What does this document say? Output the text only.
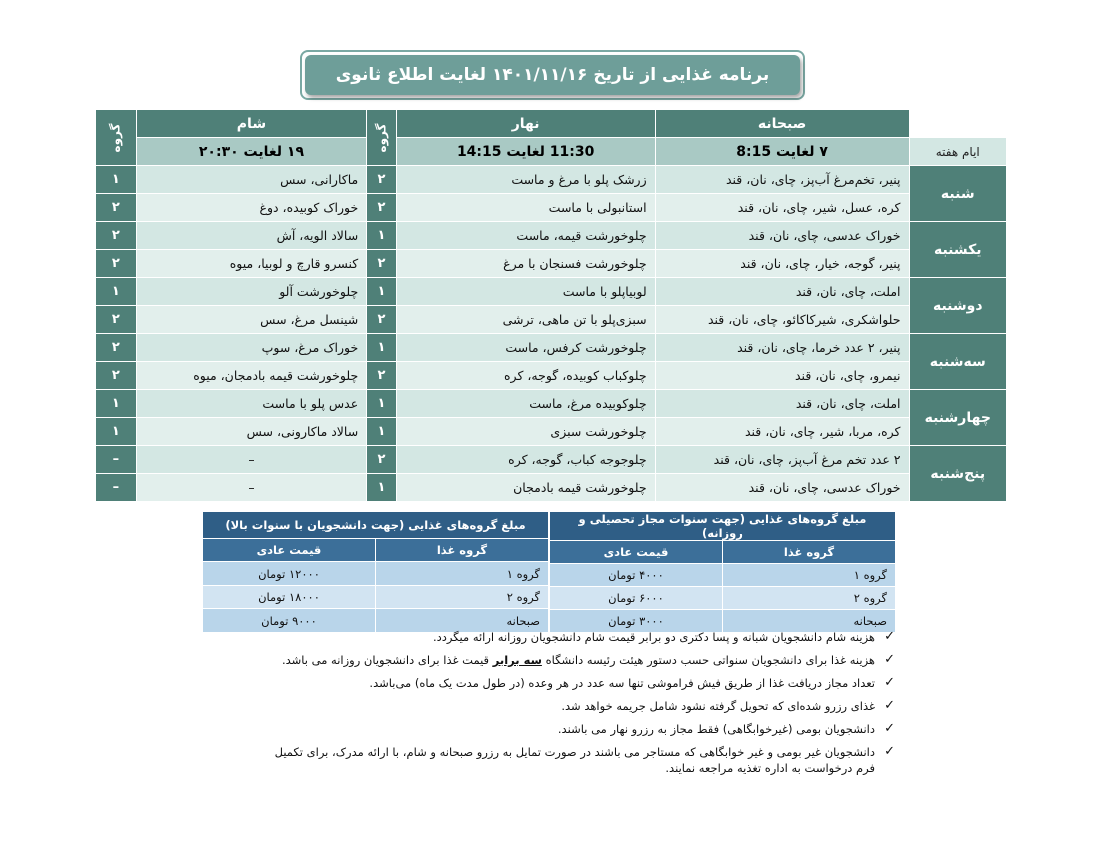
برنامه غذایی از تاریخ ۱۴۰۱/۱۱/۱۶ لغایت اطلاع ثانوی
	صبحانه	نهار	گروه	شام	گروه
ایام هفته	۷ لغایت 8:15	11:30 لغایت 14:15		۱۹ لغایت ۲۰:۳۰	
شنبه	پنیر، تخم‌مرغ آب‌پز، چای، نان، قند	زرشک پلو با مرغ و ماست	۲	ماکارانی، سس	۱
	کره، عسل، شیر، چای، نان، قند	استانبولی با ماست	۲	خوراک کوبیده، دوغ	۲
یکشنبه	خوراک عدسی، چای، نان، قند	چلوخورشت قیمه، ماست	۱	سالاد الویه، آش	۲
	پنیر، گوجه، خیار، چای، نان، قند	چلوخورشت فسنجان با مرغ	۲	کنسرو قارچ و لوبیا، میوه	۲
دوشنبه	املت، چای، نان، قند	لوبیاپلو با ماست	۱	چلوخورشت آلو	۱
	حلواشکری، شیرکاکائو، چای، نان، قند	سبزی‌پلو با تن ماهی، ترشی	۲	شینسل مرغ، سس	۲
سه‌شنبه	پنیر، ۲ عدد خرما، چای، نان، قند	چلوخورشت کرفس، ماست	۱	خوراک مرغ، سوپ	۲
	نیمرو، چای، نان، قند	چلوکباب کوبیده، گوجه، کره	۲	چلوخورشت قیمه بادمجان، میوه	۲
چهارشنبه	املت، چای، نان، قند	چلوکوبیده مرغ، ماست	۱	عدس پلو با ماست	۱
	کره، مربا، شیر، چای، نان، قند	چلوخورشت سبزی	۱	سالاد ماکارونی، سس	۱
پنج‌شنبه	۲ عدد تخم مرغ آب‌پز، چای، نان، قند	چلوجوجه کباب، گوجه، کره	۲	–	–
	خوراک عدسی، چای، نان، قند	چلوخورشت قیمه بادمجان	۱	–	–
مبلغ گروه‌های غذایی (جهت سنوات مجاز تحصیلی و روزانه)	
گروه غذا	قیمت عادی
گروه ۱	۴۰۰۰ تومان
گروه ۲	۶۰۰۰ تومان
صبحانه	۳۰۰۰ تومان
مبلغ گروه‌های غذایی (جهت دانشجویان با سنوات بالا)	
گروه غذا	قیمت عادی
گروه ۱	۱۲۰۰۰ تومان
گروه ۲	۱۸۰۰۰ تومان
صبحانه	۹۰۰۰ تومان
✓
هزینه شام دانشجویان شبانه و پسا دکتری دو برابر قیمت شام دانشجویان روزانه ارائه میگردد.
✓
هزینه غذا برای دانشجویان سنواتی حسب دستور هیئت رئیسه دانشگاه سه برابر قیمت غذا برای دانشجویان روزانه می باشد.
✓
تعداد مجاز دریافت غذا از طریق فیش فراموشی تنها سه عدد در هر وعده (در طول مدت یک ماه) می‌باشد.
✓
غذای رزرو شده‌ای که تحویل گرفته نشود شامل جریمه خواهد شد.
✓
دانشجویان بومی (غیرخوابگاهی) فقط مجاز به رزرو نهار می باشند.
✓
دانشجویان غیر بومی و غیر خوابگاهی که مستاجر می باشند در صورت تمایل به رزرو صبحانه و شام، با ارائه مدرک، برای تکمیل
فرم درخواست به اداره تغذیه مراجعه نمایند.
